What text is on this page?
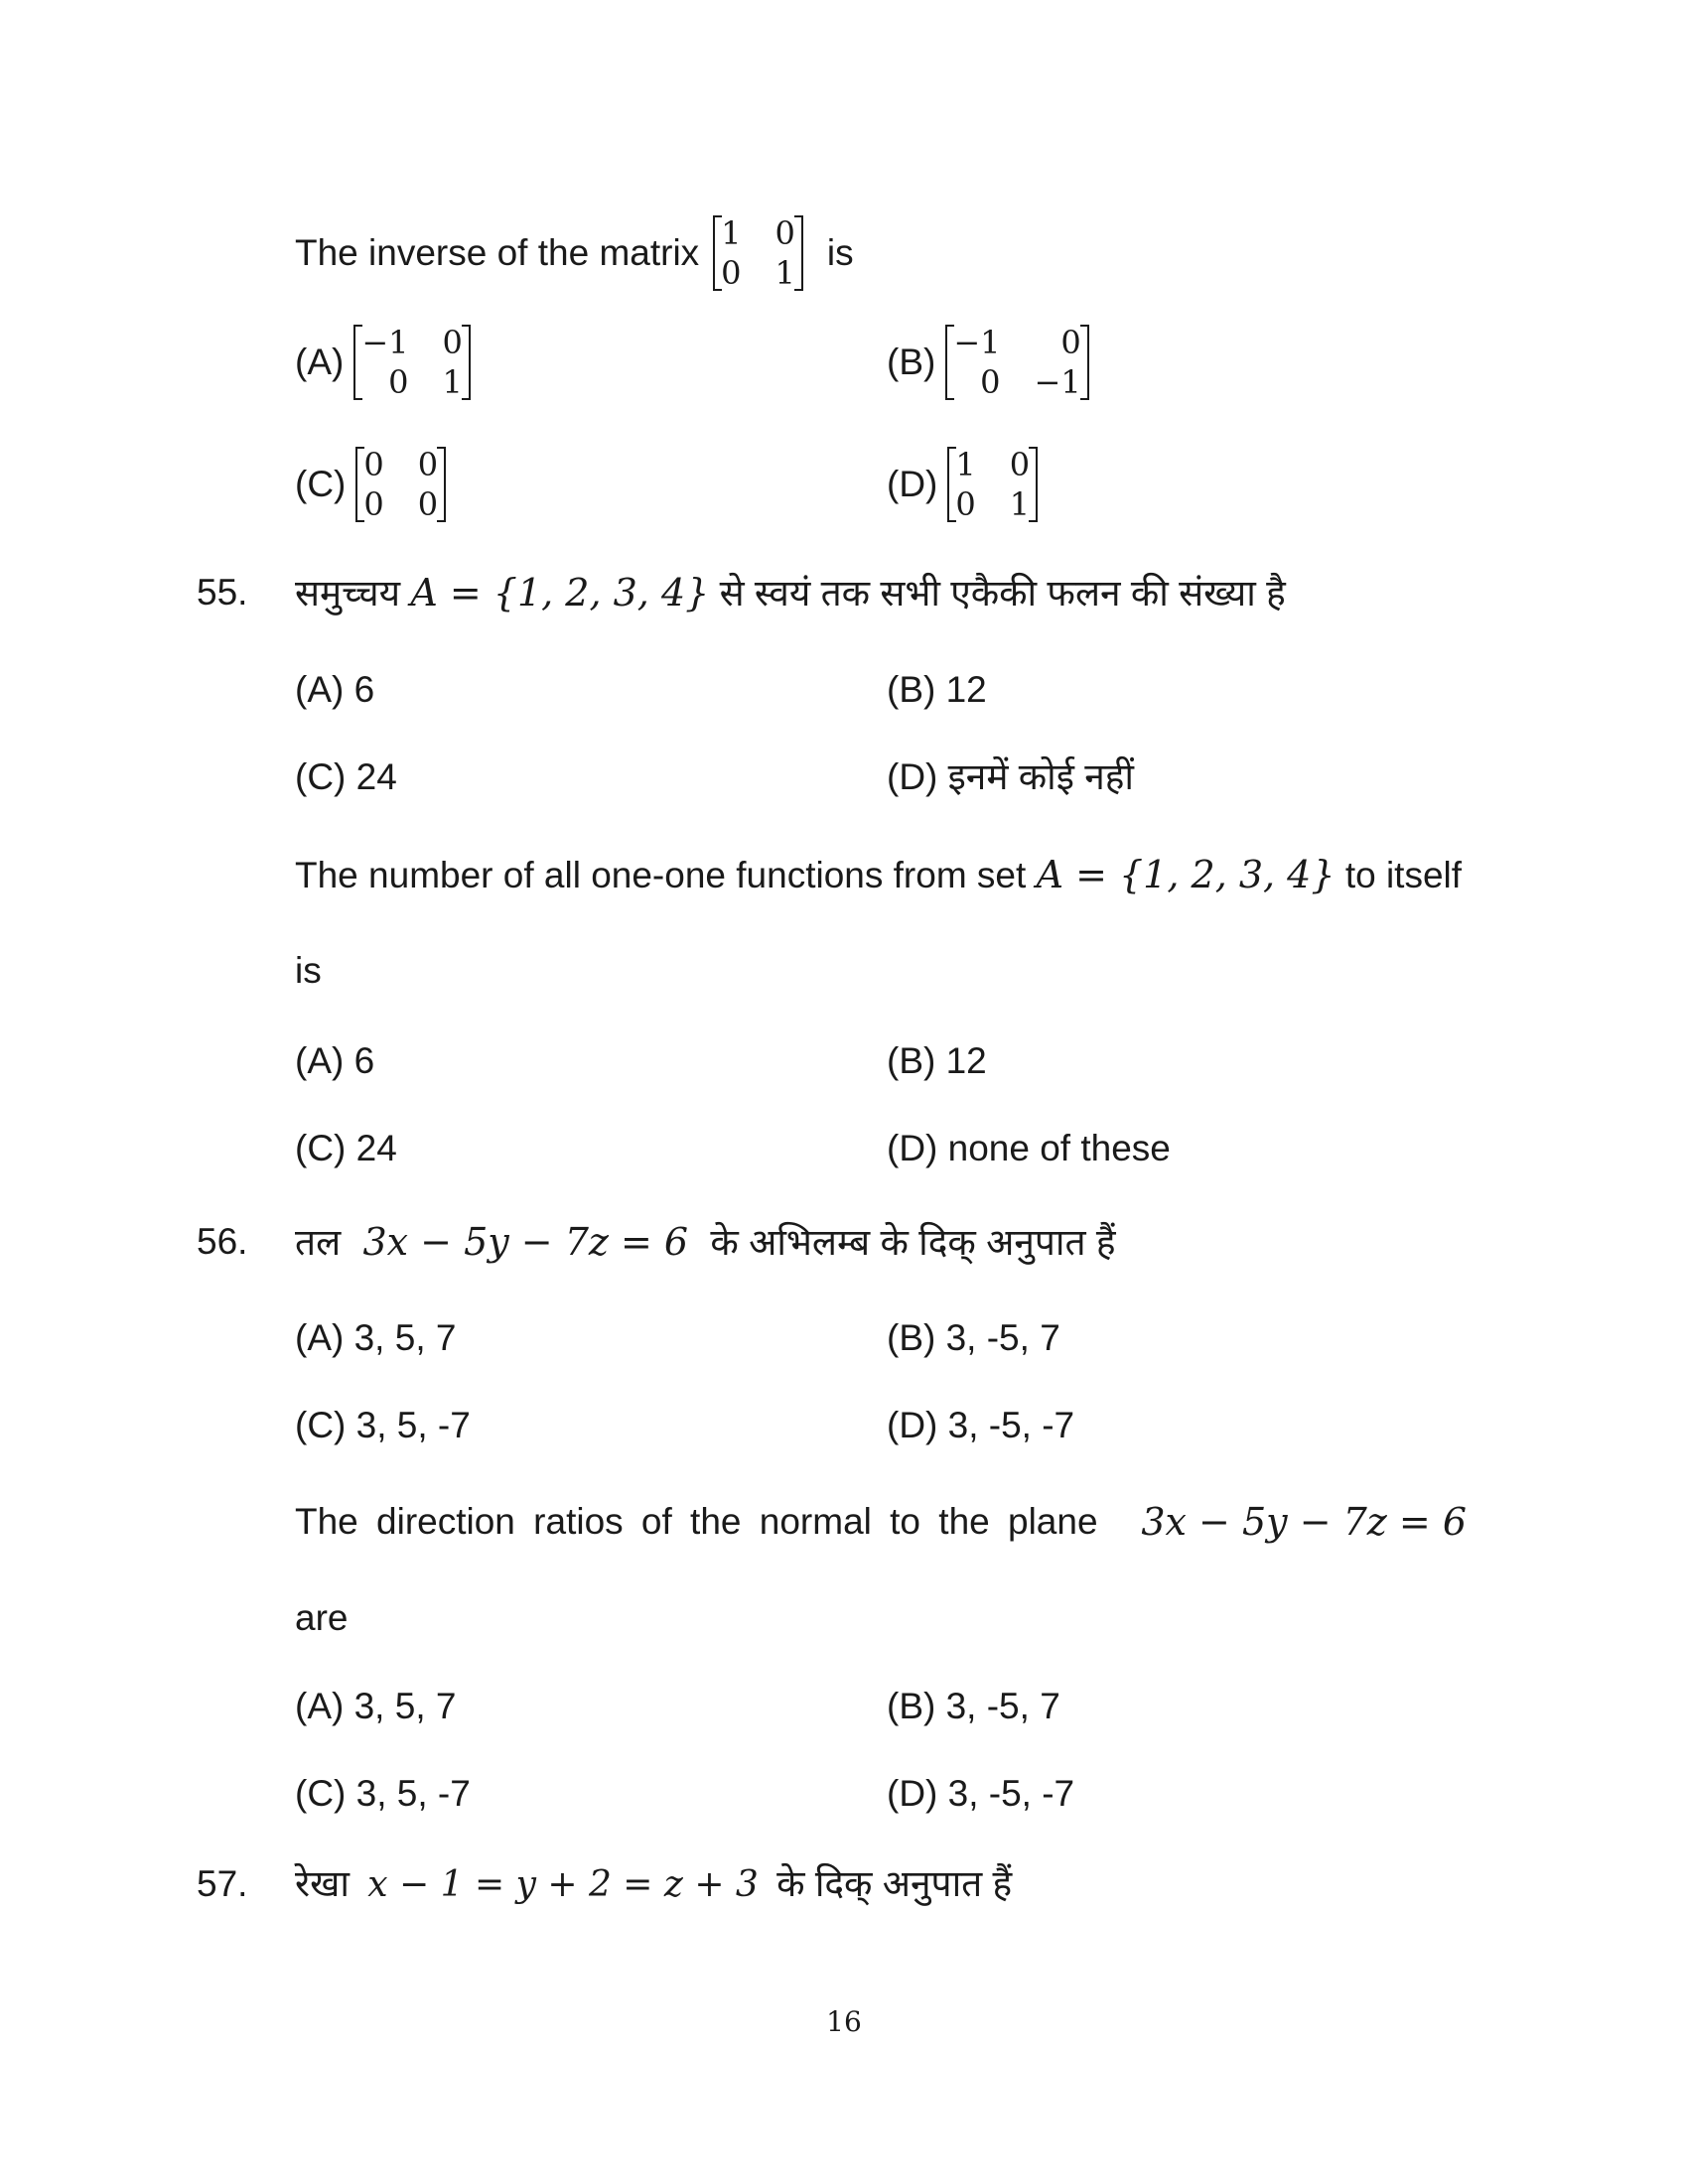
The inverse of the matrix 1 0
0 1 is
(A) −1 0
0 1	(B) −1	0
0 −1
(C) 0 0
0 0	(D) 1 0
0 1
55. समुच्चय A = {1, 2, 3, 4} से स्वयं तक सभी एकैकी फलन की संख्या है
(A) 6	(B) 12
(C) 24	(D) इनमें कोई नहीं
The number of all one-one functions from set A = {1, 2, 3, 4} to itself
is
(A) 6	(B) 12
(C) 24	(D) none of these
56. तल 3x − 5y − 7z = 6 के अभिलम्ब के दिक् अनुपात हैं
(A) 3, 5, 7	(B) 3, -5, 7
(C) 3, 5, -7	(D) 3, -5, -7
The direction ratios of the normal to the plane 3x − 5y − 7z = 6
are
(A) 3, 5, 7	(B) 3, -5, 7
(C) 3, 5, -7	(D) 3, -5, -7
57. रेखा x − 1 = y + 2 = z + 3 के दिक् अनुपात हैं
16
